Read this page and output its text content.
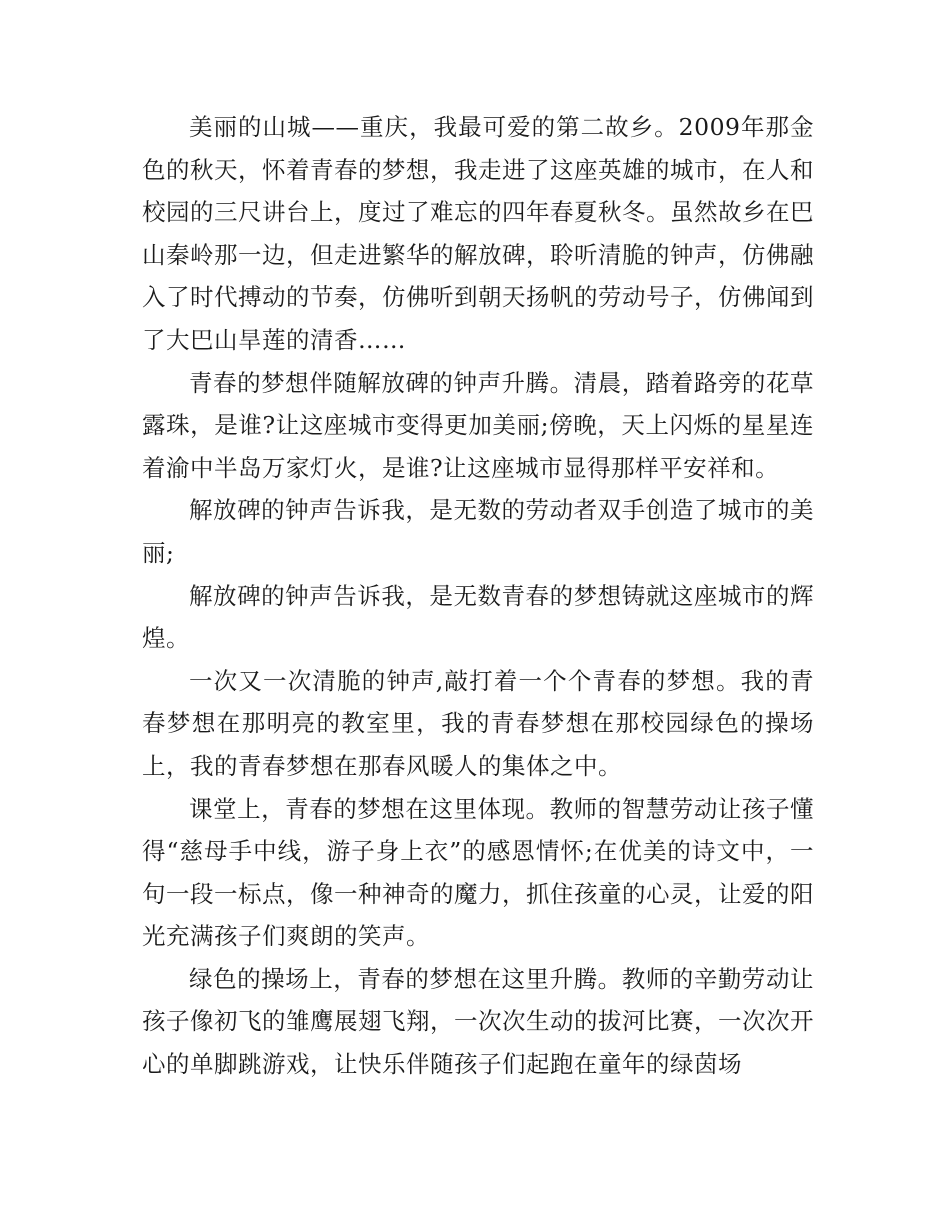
美丽的山城——重庆，我最可爱的第二故乡。2009年那金色的秋天，怀着青春的梦想，我走进了这座英雄的城市，在人和校园的三尺讲台上，度过了难忘的四年春夏秋冬。虽然故乡在巴山秦岭那一边，但走进繁华的解放碑，聆听清脆的钟声，仿佛融入了时代搏动的节奏，仿佛听到朝天扬帆的劳动号子，仿佛闻到了大巴山旱莲的清香……

青春的梦想伴随解放碑的钟声升腾。清晨，踏着路旁的花草露珠，是谁?让这座城市变得更加美丽;傍晚，天上闪烁的星星连着渝中半岛万家灯火，是谁?让这座城市显得那样平安祥和。

解放碑的钟声告诉我，是无数的劳动者双手创造了城市的美丽;

解放碑的钟声告诉我，是无数青春的梦想铸就这座城市的辉煌。

一次又一次清脆的钟声,敲打着一个个青春的梦想。我的青春梦想在那明亮的教室里，我的青春梦想在那校园绿色的操场上，我的青春梦想在那春风暖人的集体之中。

课堂上，青春的梦想在这里体现。教师的智慧劳动让孩子懂得“慈母手中线，游子身上衣”的感恩情怀;在优美的诗文中，一句一段一标点，像一种神奇的魔力，抓住孩童的心灵，让爱的阳光充满孩子们爽朗的笑声。

绿色的操场上，青春的梦想在这里升腾。教师的辛勤劳动让孩子像初飞的雏鹰展翅飞翔，一次次生动的拔河比赛，一次次开心的单脚跳游戏，让快乐伴随孩子们起跑在童年的绿茵场
